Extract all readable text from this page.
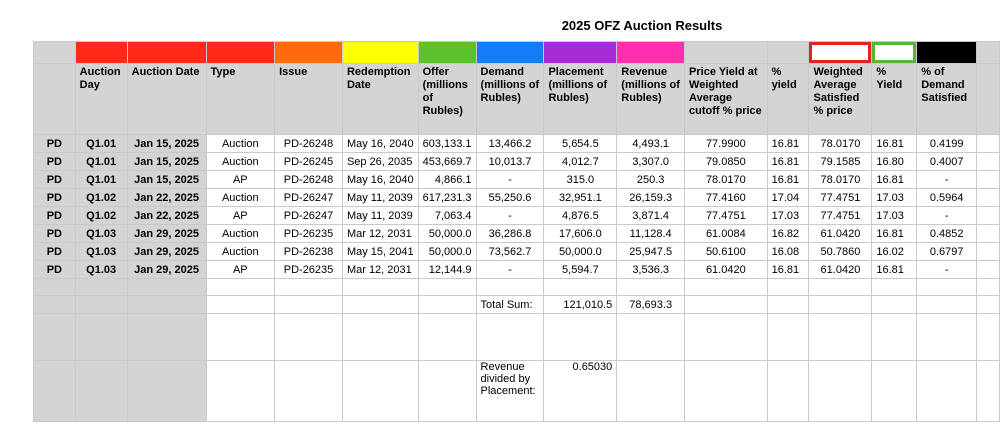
2025 OFZ Auction Results

	Auction Day	Auction Date	Type	Issue	Redemption Date	Offer (millions of Rubles)	Demand (millions of Rubles)	Placement (millions of Rubles)	Revenue (millions of Rubles)	Price Yield at Weighted Average cutoff % price	% yield	Weighted Average Satisfied % price	% Yield	% of Demand Satisfied	
PD	Q1.01	Jan 15, 2025	Auction	PD-26248	May 16, 2040	603,133.1	13,466.2	5,654.5	4,493.1	77.9900	16.81	78.0170	16.81	0.4199	
PD	Q1.01	Jan 15, 2025	Auction	PD-26245	Sep 26, 2035	453,669.7	10,013.7	4,012.7	3,307.0	79.0850	16.81	79.1585	16.80	0.4007	
PD	Q1.01	Jan 15, 2025	AP	PD-26248	May 16, 2040	4,866.1	-	315.0	250.3	78.0170	16.81	78.0170	16.81	-	
PD	Q1.02	Jan 22, 2025	Auction	PD-26247	May 11, 2039	617,231.3	55,250.6	32,951.1	26,159.3	77.4160	17.04	77.4751	17.03	0.5964	
PD	Q1.02	Jan 22, 2025	AP	PD-26247	May 11, 2039	7,063.4	-	4,876.5	3,871.4	77.4751	17.03	77.4751	17.03	-	
PD	Q1.03	Jan 29, 2025	Auction	PD-26235	Mar 12, 2031	50,000.0	36,286.8	17,606.0	11,128.4	61.0084	16.82	61.0420	16.81	0.4852	
PD	Q1.03	Jan 29, 2025	Auction	PD-26238	May 15, 2041	50,000.0	73,562.7	50,000.0	25,947.5	50.6100	16.08	50.7860	16.02	0.6797	
PD	Q1.03	Jan 29, 2025	AP	PD-26235	Mar 12, 2031	12,144.9	-	5,594.7	3,536.3	61.0420	16.81	61.0420	16.81	-	

							Total Sum:	121,010.5	78,693.3						

							Revenue divided by Placement:	0.65030							
